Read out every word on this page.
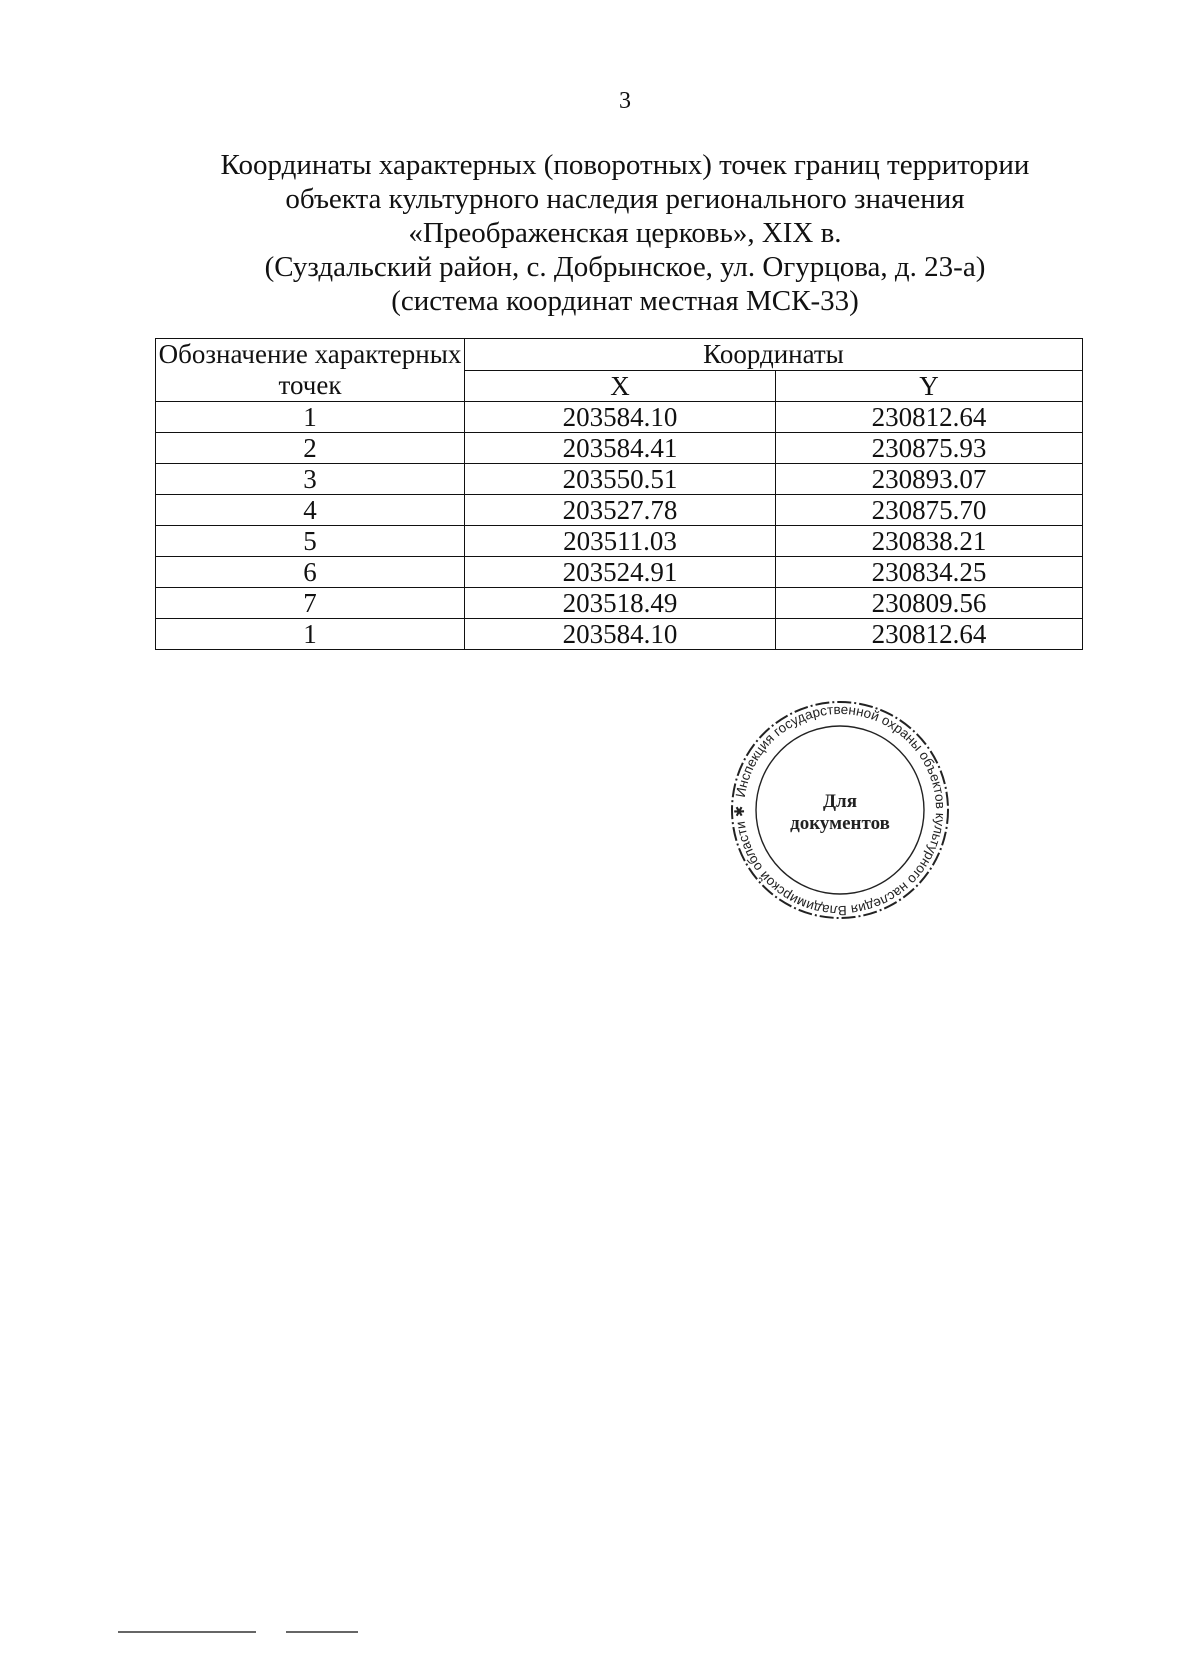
3
Координаты характерных (поворотных) точек границ территории
объекта культурного наследия регионального значения
«Преображенская церковь», XIX в.
(Суздальский район, с. Добрынское, ул. Огурцова, д. 23-а)
(система координат местная МСК-33)
Обозначение характерных точек	Координаты	
	X	Y
1	203584.10	230812.64
2	203584.41	230875.93
3	203550.51	230893.07
4	203527.78	230875.70
5	203511.03	230838.21
6	203524.91	230834.25
7	203518.49	230809.56
1	203584.10	230812.64
Инспекция государственной охраны объектов культурного наследия Владимирской области ✱	Для
документов
